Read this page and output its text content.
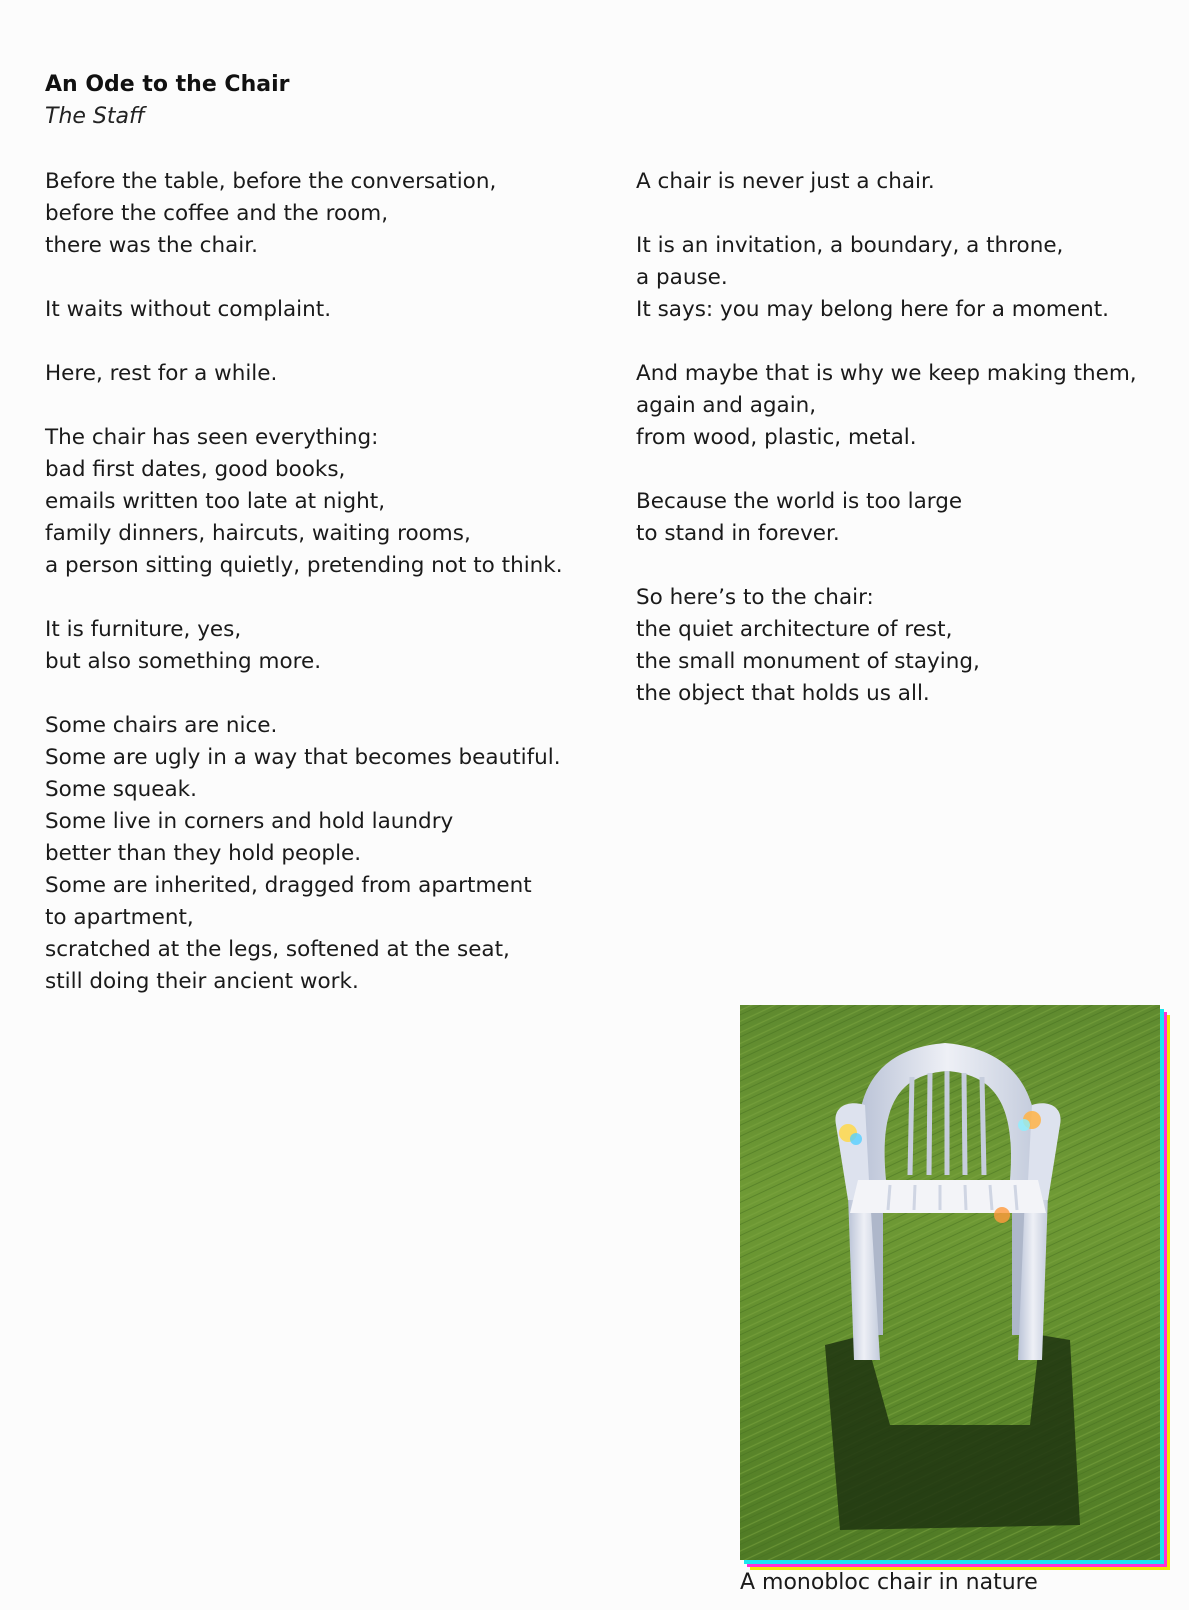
An Ode to the Chair
The Staff
Before the table, before the conversation,
before the coffee and the room,
there was the chair.
It waits without complaint.
Here, rest for a while.
The chair has seen everything:
bad first dates, good books,
emails written too late at night,
family dinners, haircuts, waiting rooms,
a person sitting quietly, pretending not to think.
It is furniture, yes,
but also something more.
Some chairs are nice.
Some are ugly in a way that becomes beautiful.
Some squeak.
Some live in corners and hold laundry
better than they hold people.
Some are inherited, dragged from apartment
to apartment,
scratched at the legs, softened at the seat,
still doing their ancient work.
A chair is never just a chair.
It is an invitation, a boundary, a throne,
a pause.
It says: you may belong here for a moment.
And maybe that is why we keep making them,
again and again,
from wood, plastic, metal.
Because the world is too large
to stand in forever.
So here’s to the chair:
the quiet architecture of rest,
the small monument of staying,
the object that holds us all.
A monobloc chair in nature
